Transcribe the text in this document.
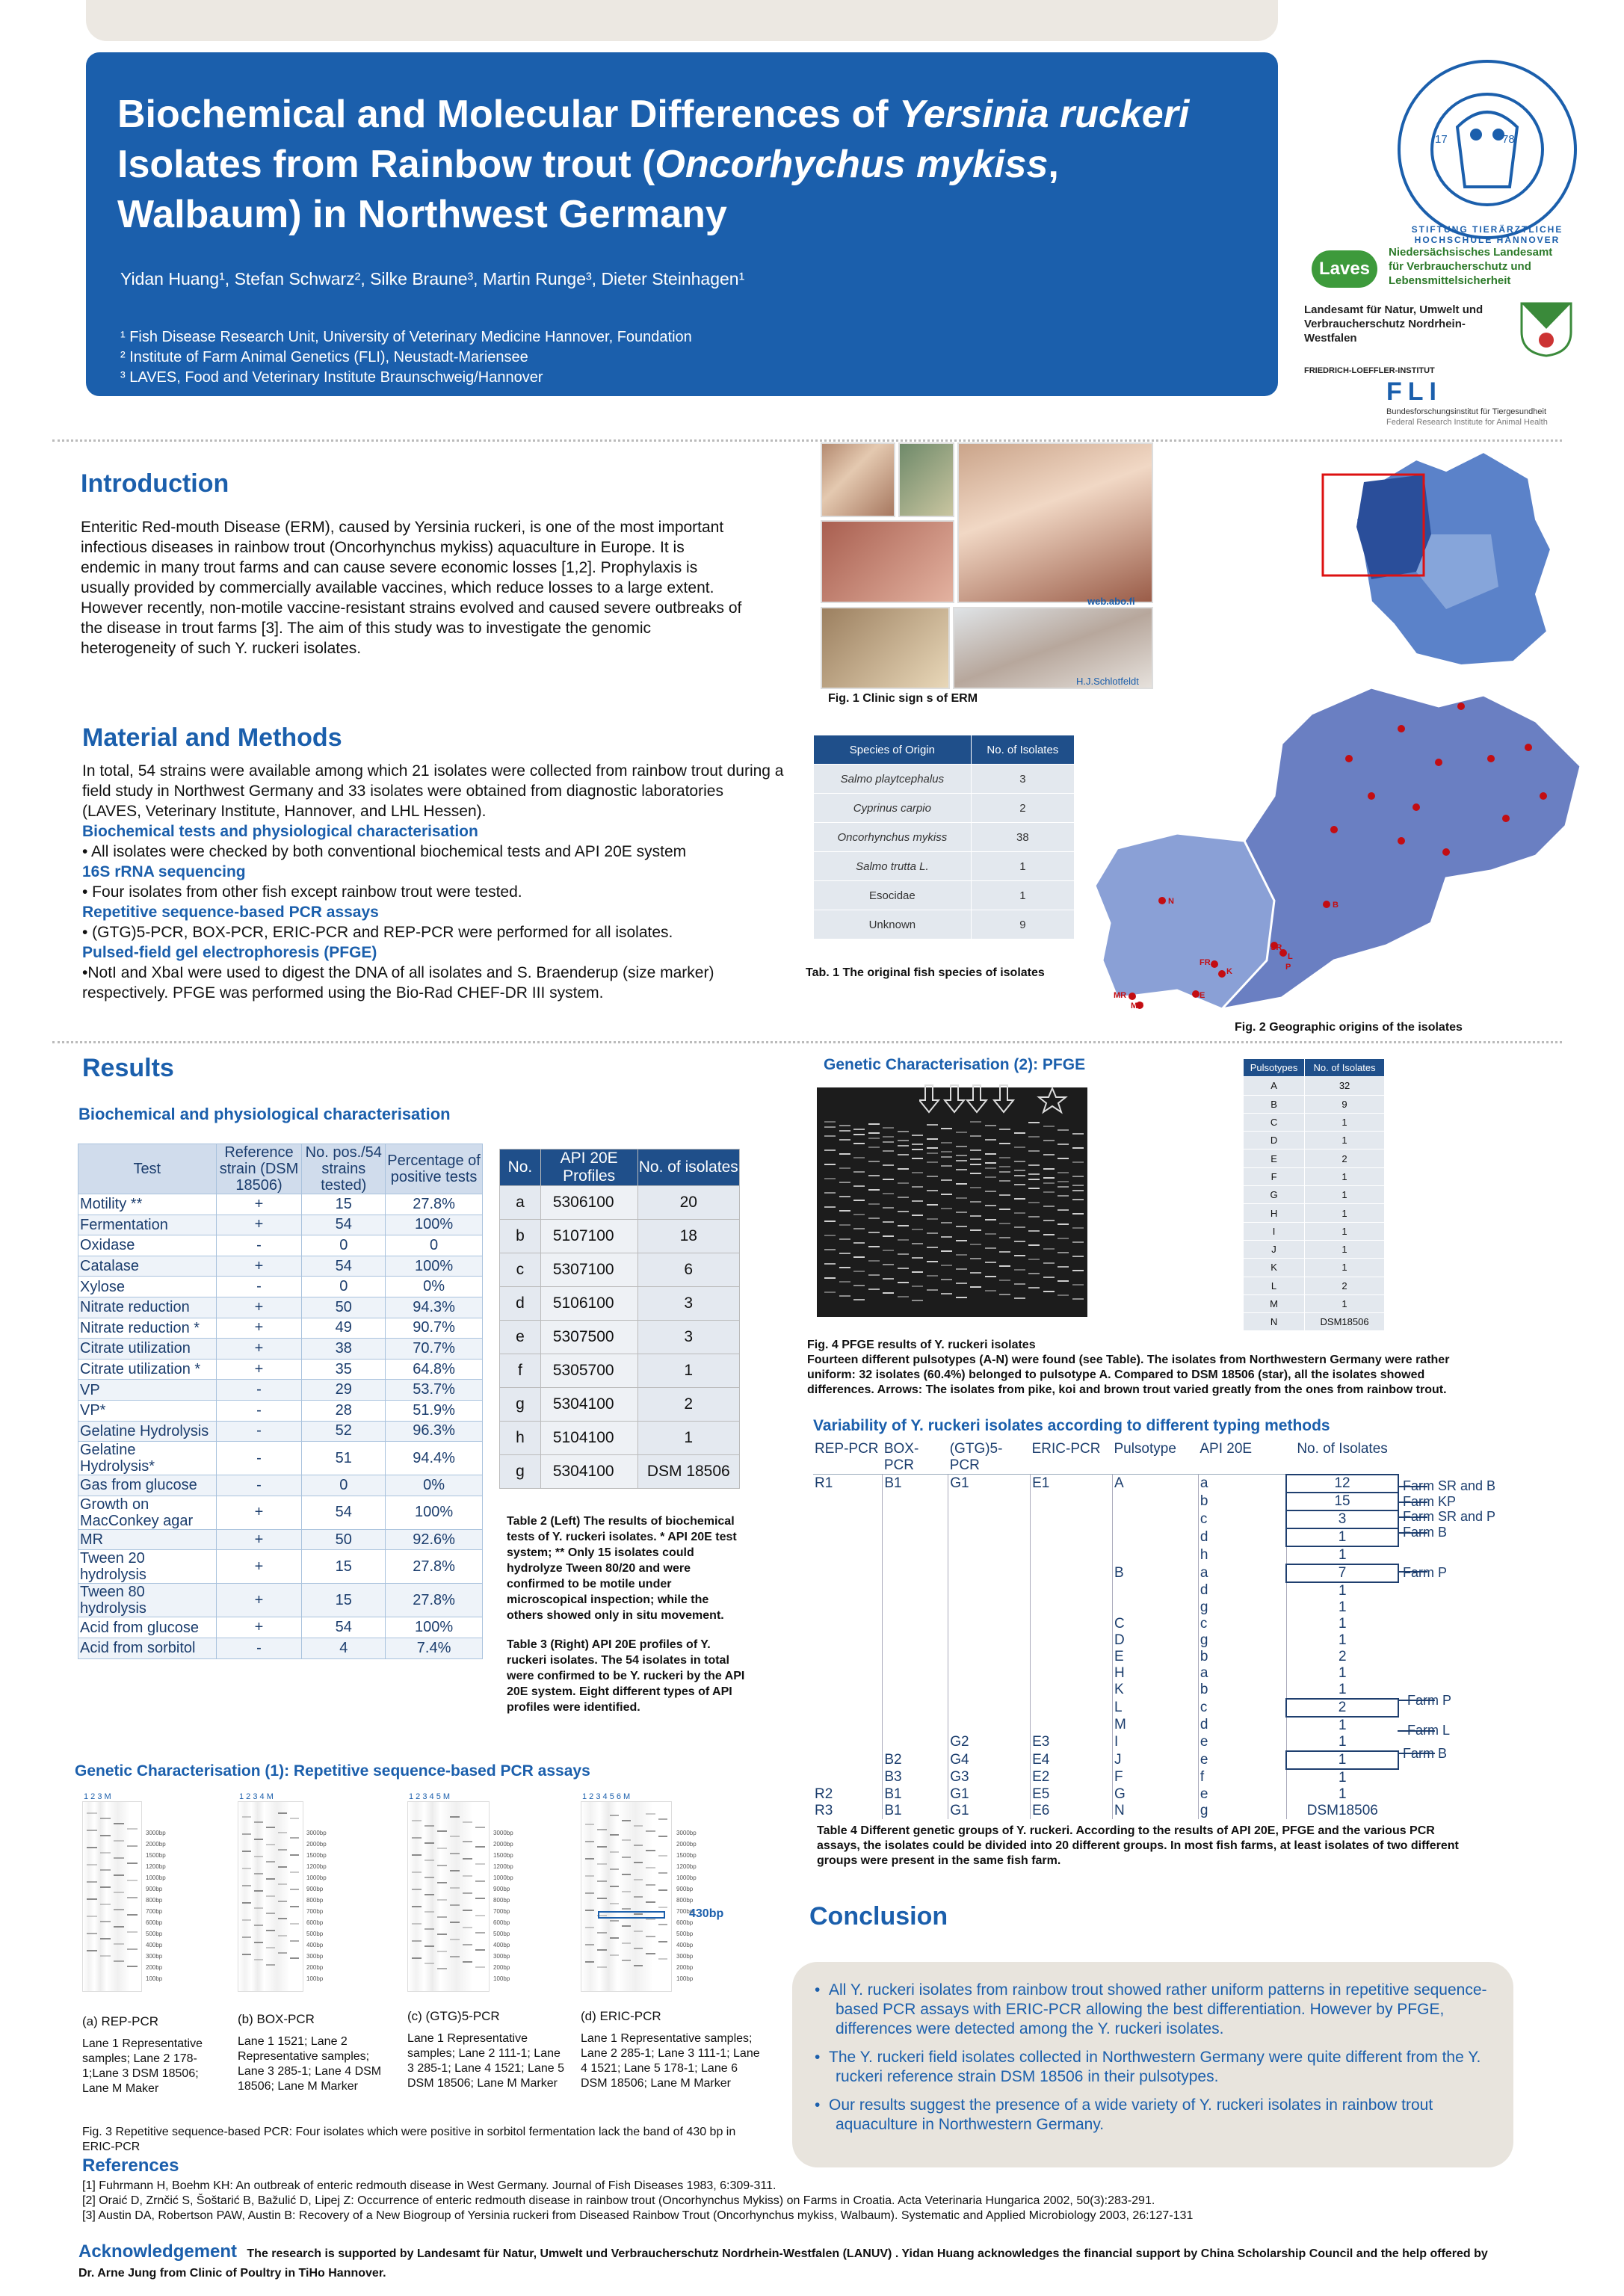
Biochemical and Molecular Differences of Yersinia ruckeri Isolates from Rainbow trout (Oncorhychus mykiss, Walbaum) in Northwest Germany
Yidan Huang¹, Stefan Schwarz², Silke Braune³, Martin Runge³, Dieter Steinhagen¹
¹ Fish Disease Research Unit, University of Veterinary Medicine Hannover, Foundation
² Institute of Farm Animal Genetics (FLI), Neustadt-Mariensee
³ LAVES, Food and Veterinary Institute Braunschweig/Hannover
17	78
STIFTUNG TIERÄRZTLICHE HOCHSCHULE HANNOVER
Laves
Niedersächsisches Landesamt für Verbraucherschutz und Lebensmittelsicherheit
Landesamt für Natur, Umwelt und Verbraucherschutz Nordrhein-Westfalen
FRIEDRICH-LOEFFLER-INSTITUT
FLI
Bundesforschungsinstitut für Tiergesundheit
Federal Research Institute for Animal Health
Introduction
Enteritic Red-mouth Disease (ERM), caused by Yersinia ruckeri, is one of the most important infectious diseases in rainbow trout (Oncorhynchus mykiss) aquaculture in Europe. It is endemic in many trout farms and can cause severe economic losses [1,2]. Prophylaxis is usually provided by commercially available vaccines, which reduce losses to a large extent. However recently, non-motile vaccine-resistant strains evolved and caused severe outbreaks of the disease in trout farms [3]. The aim of this study was to investigate the genomic heterogeneity of such Y. ruckeri isolates.
web.abo.fi
H.J.Schlotfeldt
Fig. 1 Clinic sign s of ERM
N	B
SR
L
P
FR
K
E
MR
MU
Fig. 2 Geographic origins of the isolates
Material and Methods
In total, 54 strains were available among which 21 isolates were collected from rainbow trout during a field study in Northwest Germany and 33 isolates were obtained from diagnostic laboratories (LAVES, Veterinary Institute, Hannover, and LHL Hessen).
Biochemical tests and physiological characterisation
• All isolates were checked by both conventional biochemical tests and API 20E system
16S rRNA sequencing
• Four isolates from other fish except rainbow trout were tested.
Repetitive sequence-based PCR assays
• (GTG)5-PCR, BOX-PCR, ERIC-PCR and REP-PCR were performed for all isolates.
Pulsed-field gel electrophoresis (PFGE)
•NotI and XbaI were used to digest the DNA of all isolates and S. Braenderup (size marker) respectively. PFGE was performed using the Bio-Rad CHEF-DR III system.
Species of Origin	No. of Isolates
Salmo playtcephalus	3
Cyprinus carpio	2
Oncorhynchus mykiss	38
Salmo trutta L.	1
Esocidae	1
Unknown	9
Tab. 1 The original fish species of isolates
Results
Biochemical and physiological characterisation
Test	Reference strain (DSM 18506)	No. pos./54 strains tested)	Percentage of positive tests
Motility **	+	15	27.8%
Fermentation	+	54	100%
Oxidase	-	0	0
Catalase	+	54	100%
Xylose	-	0	0%
Nitrate reduction	+	50	94.3%
Nitrate reduction *	+	49	90.7%
Citrate utilization	+	38	70.7%
Citrate utilization *	+	35	64.8%
VP	-	29	53.7%
VP*	-	28	51.9%
Gelatine Hydrolysis	-	52	96.3%
Gelatine Hydrolysis*	-	51	94.4%
Gas from glucose	-	0	0%
Growth on MacConkey agar	+	54	100%
MR	+	50	92.6%
Tween 20 hydrolysis	+	15	27.8%
Tween 80 hydrolysis	+	15	27.8%
Acid from glucose	+	54	100%
Acid from sorbitol	-	4	7.4%
No.	API 20E Profiles	No. of isolates
a	5306100	20
b	5107100	18
c	5307100	6
d	5106100	3
e	5307500	3
f	5305700	1
g	5304100	2
h	5104100	1
g	5304100	DSM 18506
Table 2 (Left) The results of biochemical tests of Y. ruckeri isolates. * API 20E test system; ** Only 15 isolates could hydrolyze Tween 80/20 and were confirmed to be motile under microscopical inspection; while the others showed only in situ movement.
Table 3 (Right) API 20E profiles of Y. ruckeri isolates. The 54 isolates in total were confirmed to be Y. ruckeri by the API 20E system. Eight different types of API profiles were identified.
Genetic Characterisation (1): Repetitive sequence-based PCR assays
1 2 3 M	1 2 3 4 M	1 2 3 4 5 M	1 2 3 4 5 6 M
3000bp
2000bp
1500bp
1200bp
1000bp
900bp
800bp
700bp
600bp
500bp
400bp
300bp
200bp
100bp
3000bp
2000bp
1500bp
1200bp
1000bp
900bp
800bp
700bp
600bp
500bp
400bp
300bp
200bp
100bp
3000bp
2000bp
1500bp
1200bp
1000bp
900bp
800bp
700bp
600bp
500bp
400bp
300bp
200bp
100bp
3000bp
2000bp
1500bp
1200bp
1000bp
900bp
800bp
700bp
600bp
500bp
400bp
300bp
200bp
100bp
430bp
(a) REP-PCR	(b) BOX-PCR	(c) (GTG)5-PCR	(d) ERIC-PCR
Lane 1 Representative samples; Lane 2 178-1;Lane 3 DSM 18506; Lane M Maker
Lane 1 1521; Lane 2 Representative samples; Lane 3 285-1; Lane 4 DSM 18506; Lane M Marker
Lane 1 Representative samples; Lane 2 111-1; Lane 3 285-1; Lane 4 1521; Lane 5 DSM 18506; Lane M Marker
Lane 1 Representative samples; Lane 2 285-1; Lane 3 111-1; Lane 4 1521; Lane 5 178-1; Lane 6 DSM 18506; Lane M Marker
Fig. 3 Repetitive sequence-based PCR: Four isolates which were positive in sorbitol fermentation lack the band of 430 bp in ERIC-PCR
Genetic Characterisation (2): PFGE
Fig. 4 PFGE results of Y. ruckeri isolates
Fourteen different pulsotypes (A-N) were found (see Table). The isolates from Northwestern Germany were rather uniform: 32 isolates (60.4%) belonged to pulsotype A. Compared to DSM 18506 (star), all the isolates showed differences. Arrows: The isolates from pike, koi and brown trout varied greatly from the ones from rainbow trout.
Pulsotypes	No. of Isolates
A	32
B	9
C	1
D	1
E	2
F	1
G	1
H	1
I	1
J	1
K	1
L	2
M	1
N	DSM18506
Variability of Y. ruckeri isolates according to different typing methods
REP-PCR	BOX-PCR	(GTG)5-PCR	ERIC-PCR	Pulsotype	API 20E	No. of Isolates
R1	B1	G1	E1	A	a	12
					b	15
					c	3
					d	1
					h	1
				B	a	7
					d	1
					g	1
				C	c	1
				D	g	1
				E	b	2
				H	a	1
				K	b	1
				L	c	2
				M	d	1
		G2	E3	I	e	1
	B2	G4	E4	J	e	1
	B3	G3	E2	F	f	1
R2	B1	G1	E5	G	e	1
R3	B1	G1	E6	N	g	DSM18506
Farm SR and B
Farm KP
Farm SR and P
Farm B
Farm P
Farm P
Farm L
Farm B
Table 4 Different genetic groups of Y. ruckeri. According to the results of API 20E, PFGE and the various PCR assays, the isolates could be divided into 20 different groups. In most fish farms, at least isolates of two different groups were present in the same fish farm.
Conclusion
•  All Y. ruckeri isolates from rainbow trout showed rather uniform patterns in repetitive sequence-based PCR assays with ERIC-PCR allowing the best differentiation. However by PFGE, differences were detected among the Y. ruckeri isolates.
•  The Y. ruckeri field isolates collected in Northwestern Germany were quite different from the Y. ruckeri reference strain DSM 18506 in their pulsotypes.
•  Our results suggest the presence of a wide variety of Y. ruckeri isolates in rainbow trout aquaculture in Northwestern Germany.
References
[1] Fuhrmann H, Boehm KH: An outbreak of enteric redmouth disease in West Germany. Journal of Fish Diseases 1983, 6:309-311.
[2] Oraić D, Zrnčić S, Šoštarić B, Bažulić D, Lipej Z: Occurrence of enteric redmouth disease in rainbow trout (Oncorhynchus Mykiss) on Farms in Croatia. Acta Veterinaria Hungarica 2002, 50(3):283-291.
[3] Austin DA, Robertson PAW, Austin B: Recovery of a New Biogroup of Yersinia ruckeri from Diseased Rainbow Trout (Oncorhynchus mykiss, Walbaum). Systematic and Applied Microbiology 2003, 26:127-131
Acknowledgement The research is supported by Landesamt für Natur, Umwelt und Verbraucherschutz Nordrhein-Westfalen (LANUV) . Yidan Huang acknowledges the financial support by China Scholarship Council and the help offered by Dr. Arne Jung from Clinic of Poultry in TiHo Hannover.
